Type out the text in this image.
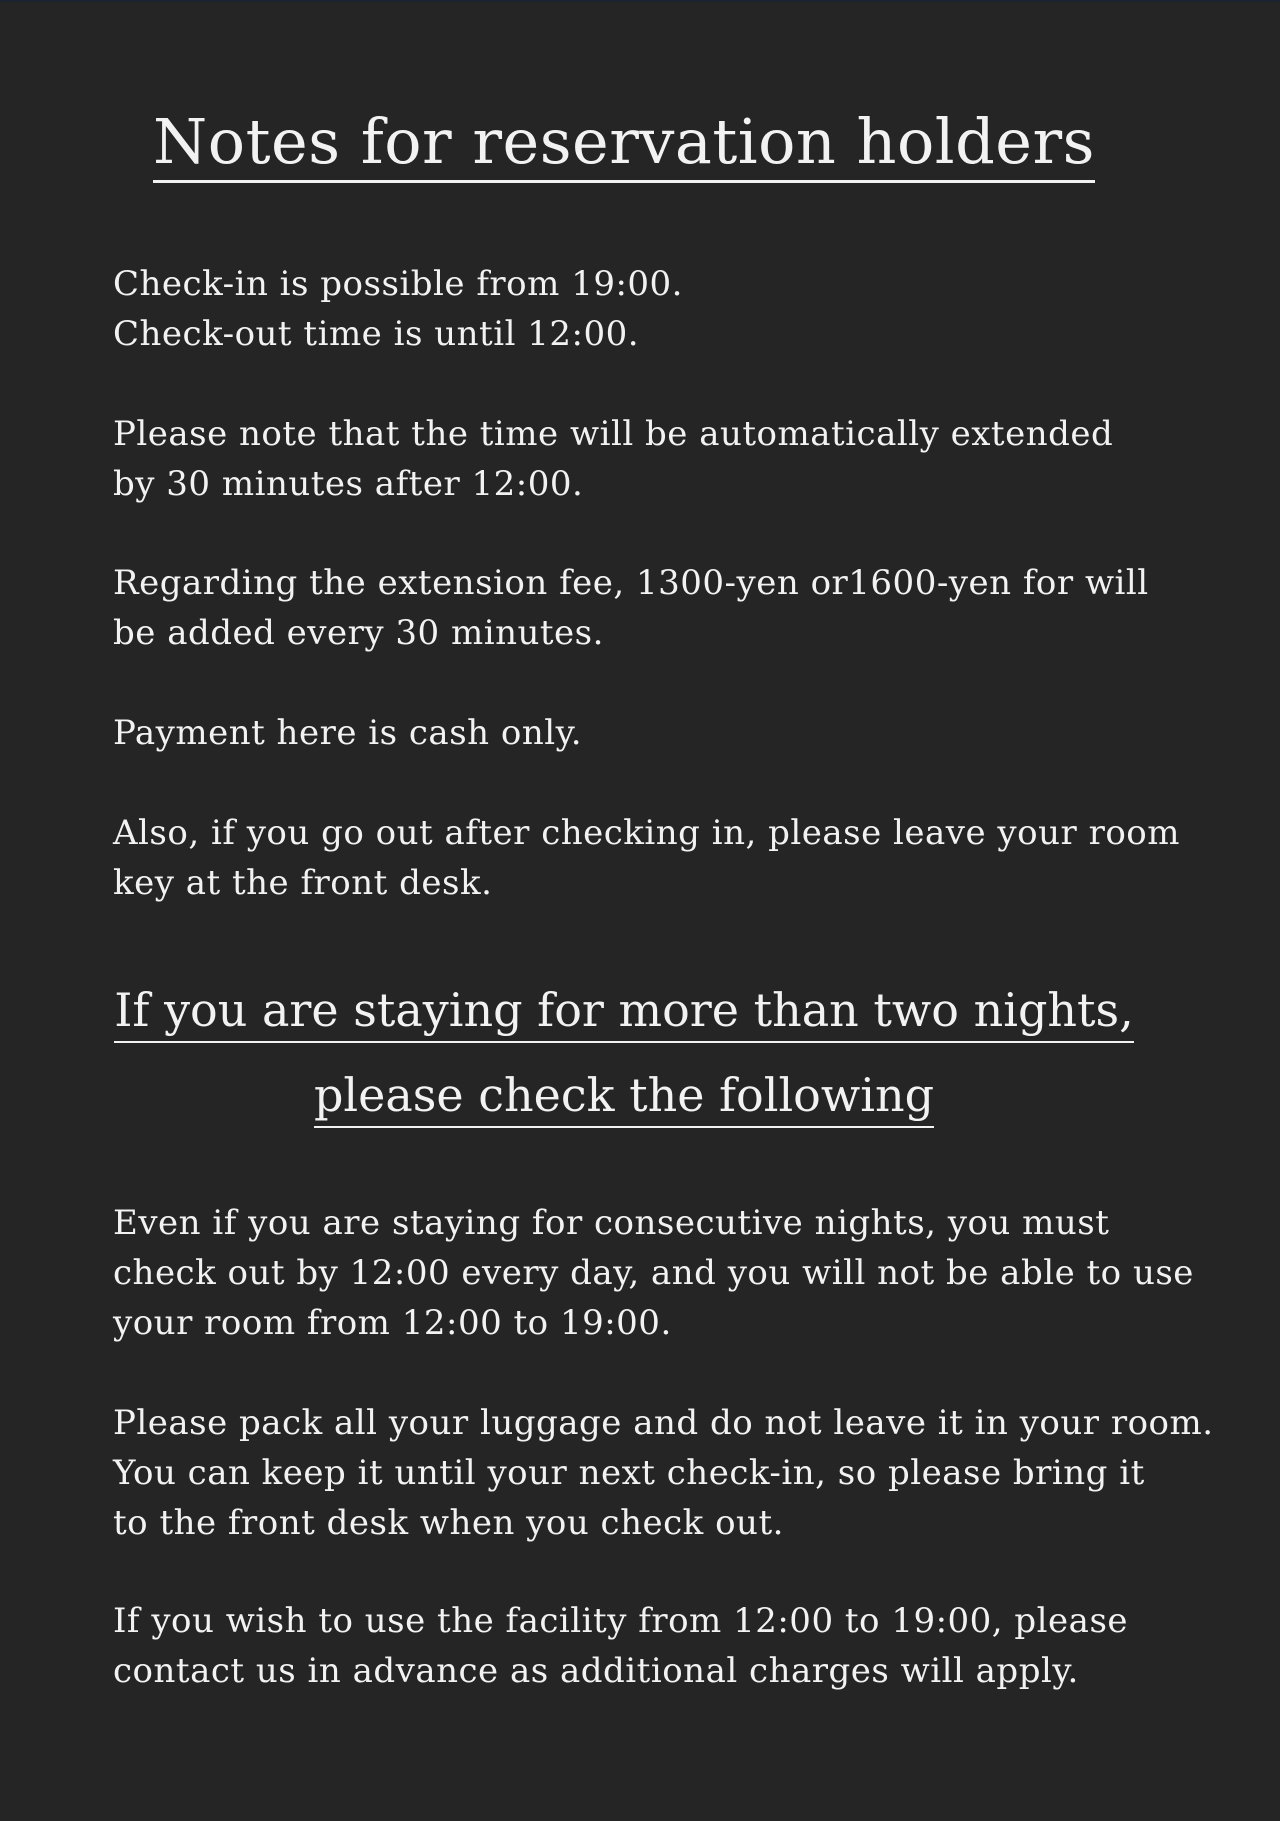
Notes for reservation holders

Check-in is possible from 19:00.
Check-out time is until 12:00.

Please note that the time will be automatically extended
by 30 minutes after 12:00.

Regarding the extension fee, 1300-yen or1600-yen for will
be added every 30 minutes.

Payment here is cash only.

Also, if you go out after checking in, please leave your room
key at the front desk.

If you are staying for more than two nights,
please check the following

Even if you are staying for consecutive nights, you must
check out by 12:00 every day, and you will not be able to use
your room from 12:00 to 19:00.

Please pack all your luggage and do not leave it in your room.
You can keep it until your next check-in, so please bring it
to the front desk when you check out.

If you wish to use the facility from 12:00 to 19:00, please
contact us in advance as additional charges will apply.
